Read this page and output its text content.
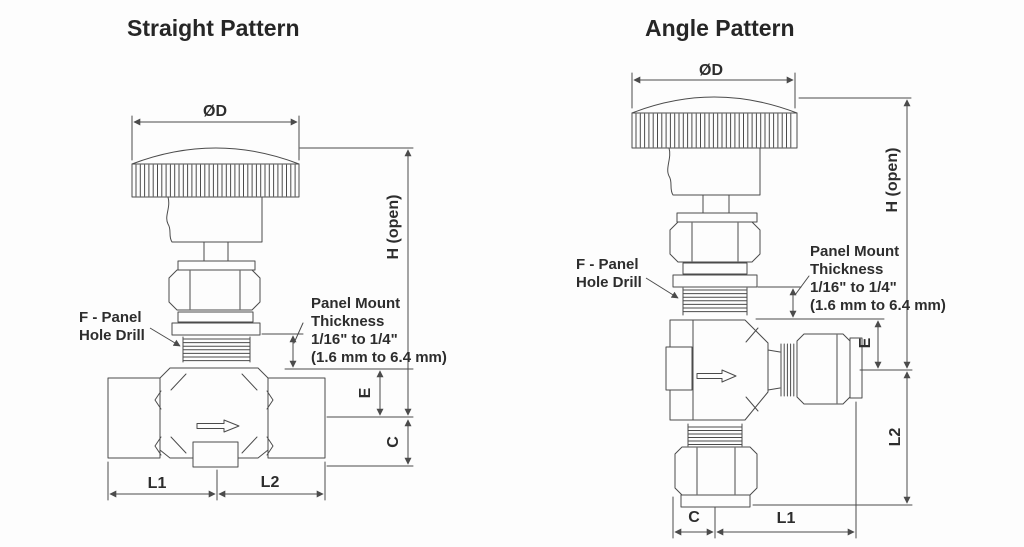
Straight Pattern	Angle Pattern
ØD
H (open)
E
C
L1	L2
F - Panel
Hole Drill
Panel Mount
Thickness
1/16" to 1/4"
(1.6 mm to 6.4 mm)
ØD
H (open)
E
L2
C	L1
F - Panel
Hole Drill
Panel Mount
Thickness
1/16" to 1/4"
(1.6 mm to 6.4 mm)
